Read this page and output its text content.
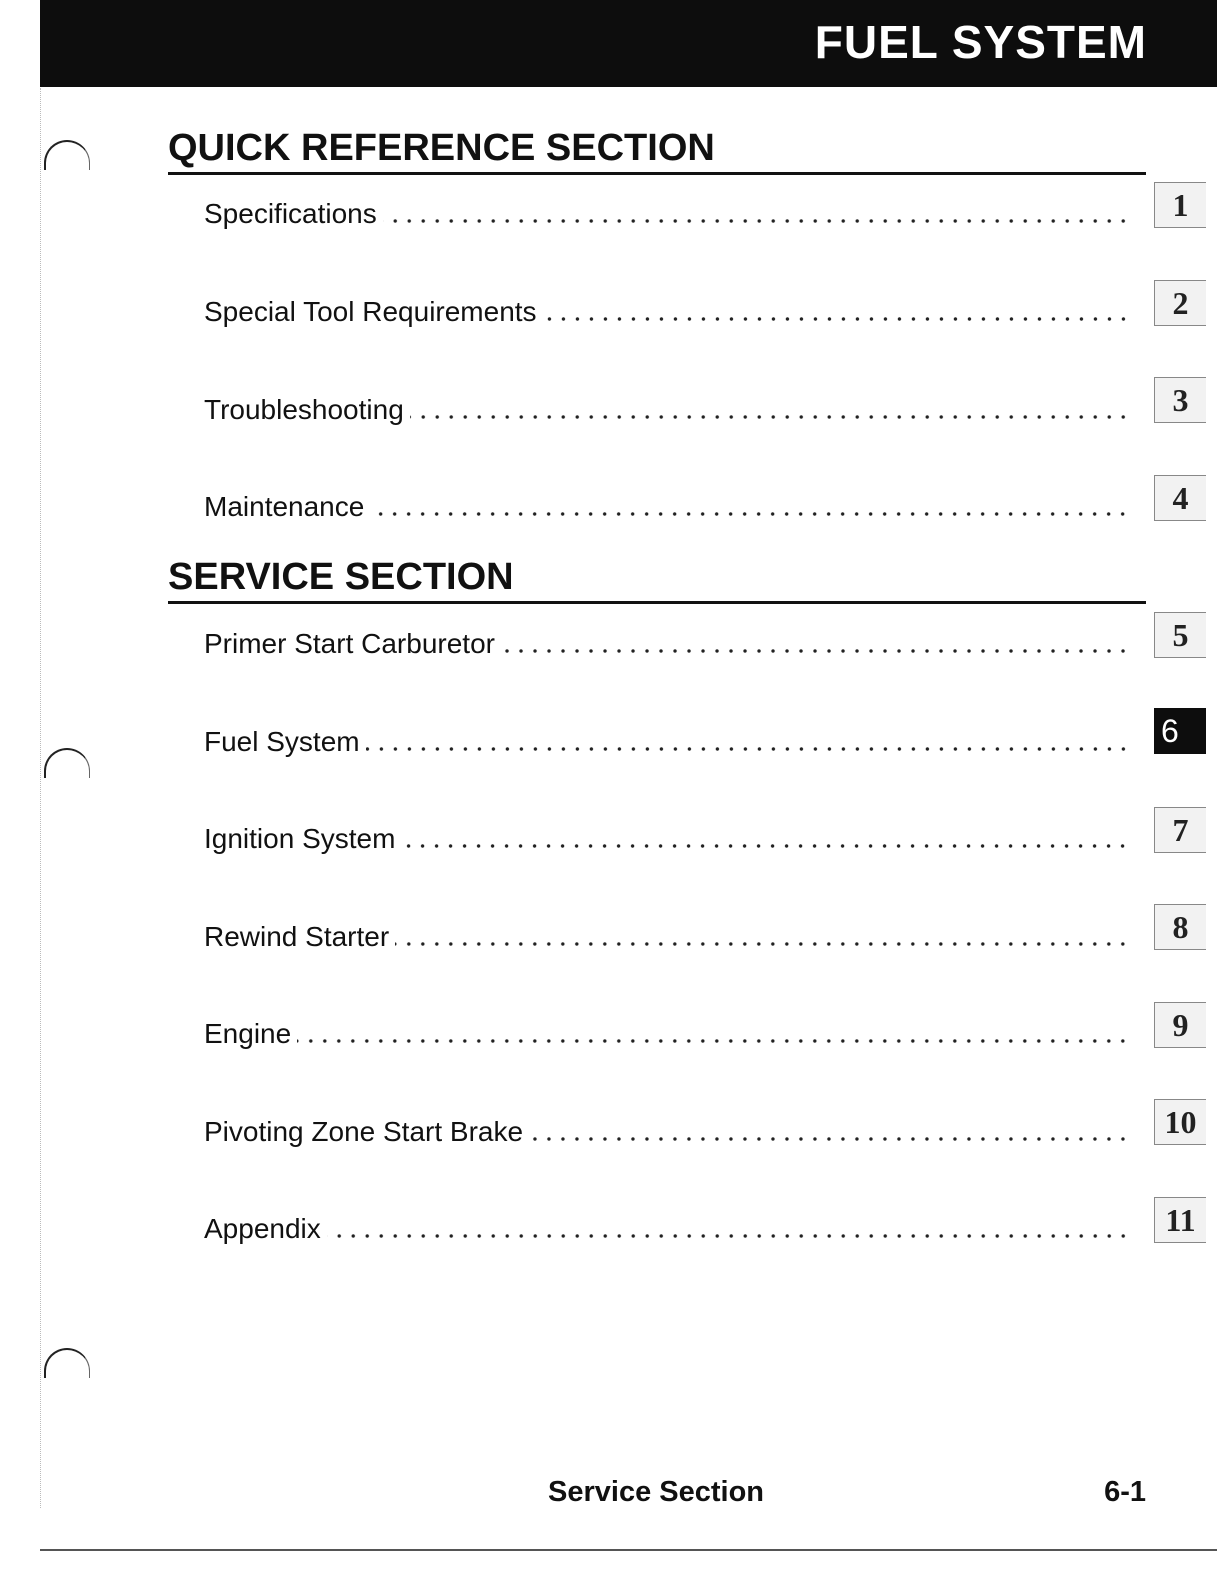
FUEL SYSTEM
QUICK REFERENCE SECTION
Specifications	1
Special Tool Requirements	2
Troubleshooting	3
Maintenance	4
SERVICE SECTION
Primer Start Carburetor	5
Fuel System	6
Ignition System	7
Rewind Starter	8
Engine	9
Pivoting Zone Start Brake	10
Appendix	11
Service Section	6-1
